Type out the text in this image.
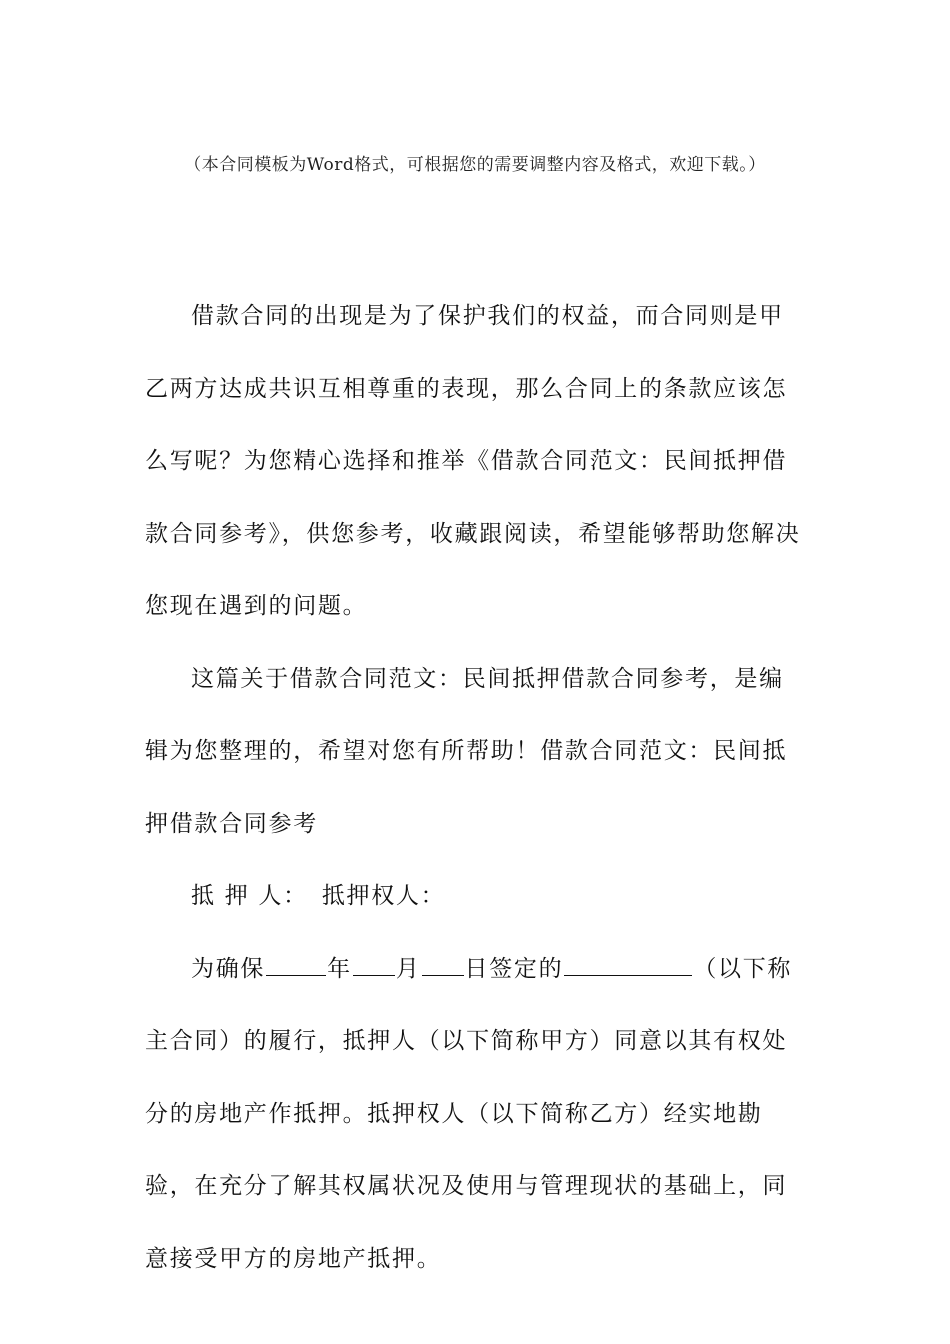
（本合同模板为Word格式，可根据您的需要调整内容及格式，欢迎下载。）

借款合同的出现是为了保护我们的权益，而合同则是甲乙两方达成共识互相尊重的表现，那么合同上的条款应该怎么写呢？为您精心选择和推举《借款合同范文：民间抵押借款合同参考》，供您参考，收藏跟阅读，希望能够帮助您解决您现在遇到的问题。

这篇关于借款合同范文：民间抵押借款合同参考，是编辑为您整理的，希望对您有所帮助！借款合同范文：民间抵押借款合同参考

抵 押 人： 抵押权人：

为确保	年 月 日签定的	（以下称主合同）的履行，抵押人（以下简称甲方）同意以其有权处分的房地产作抵押。抵押权人（以下简称乙方）经实地勘验，在充分了解其权属状况及使用与管理现状的基础上，同意接受甲方的房地产抵押。
